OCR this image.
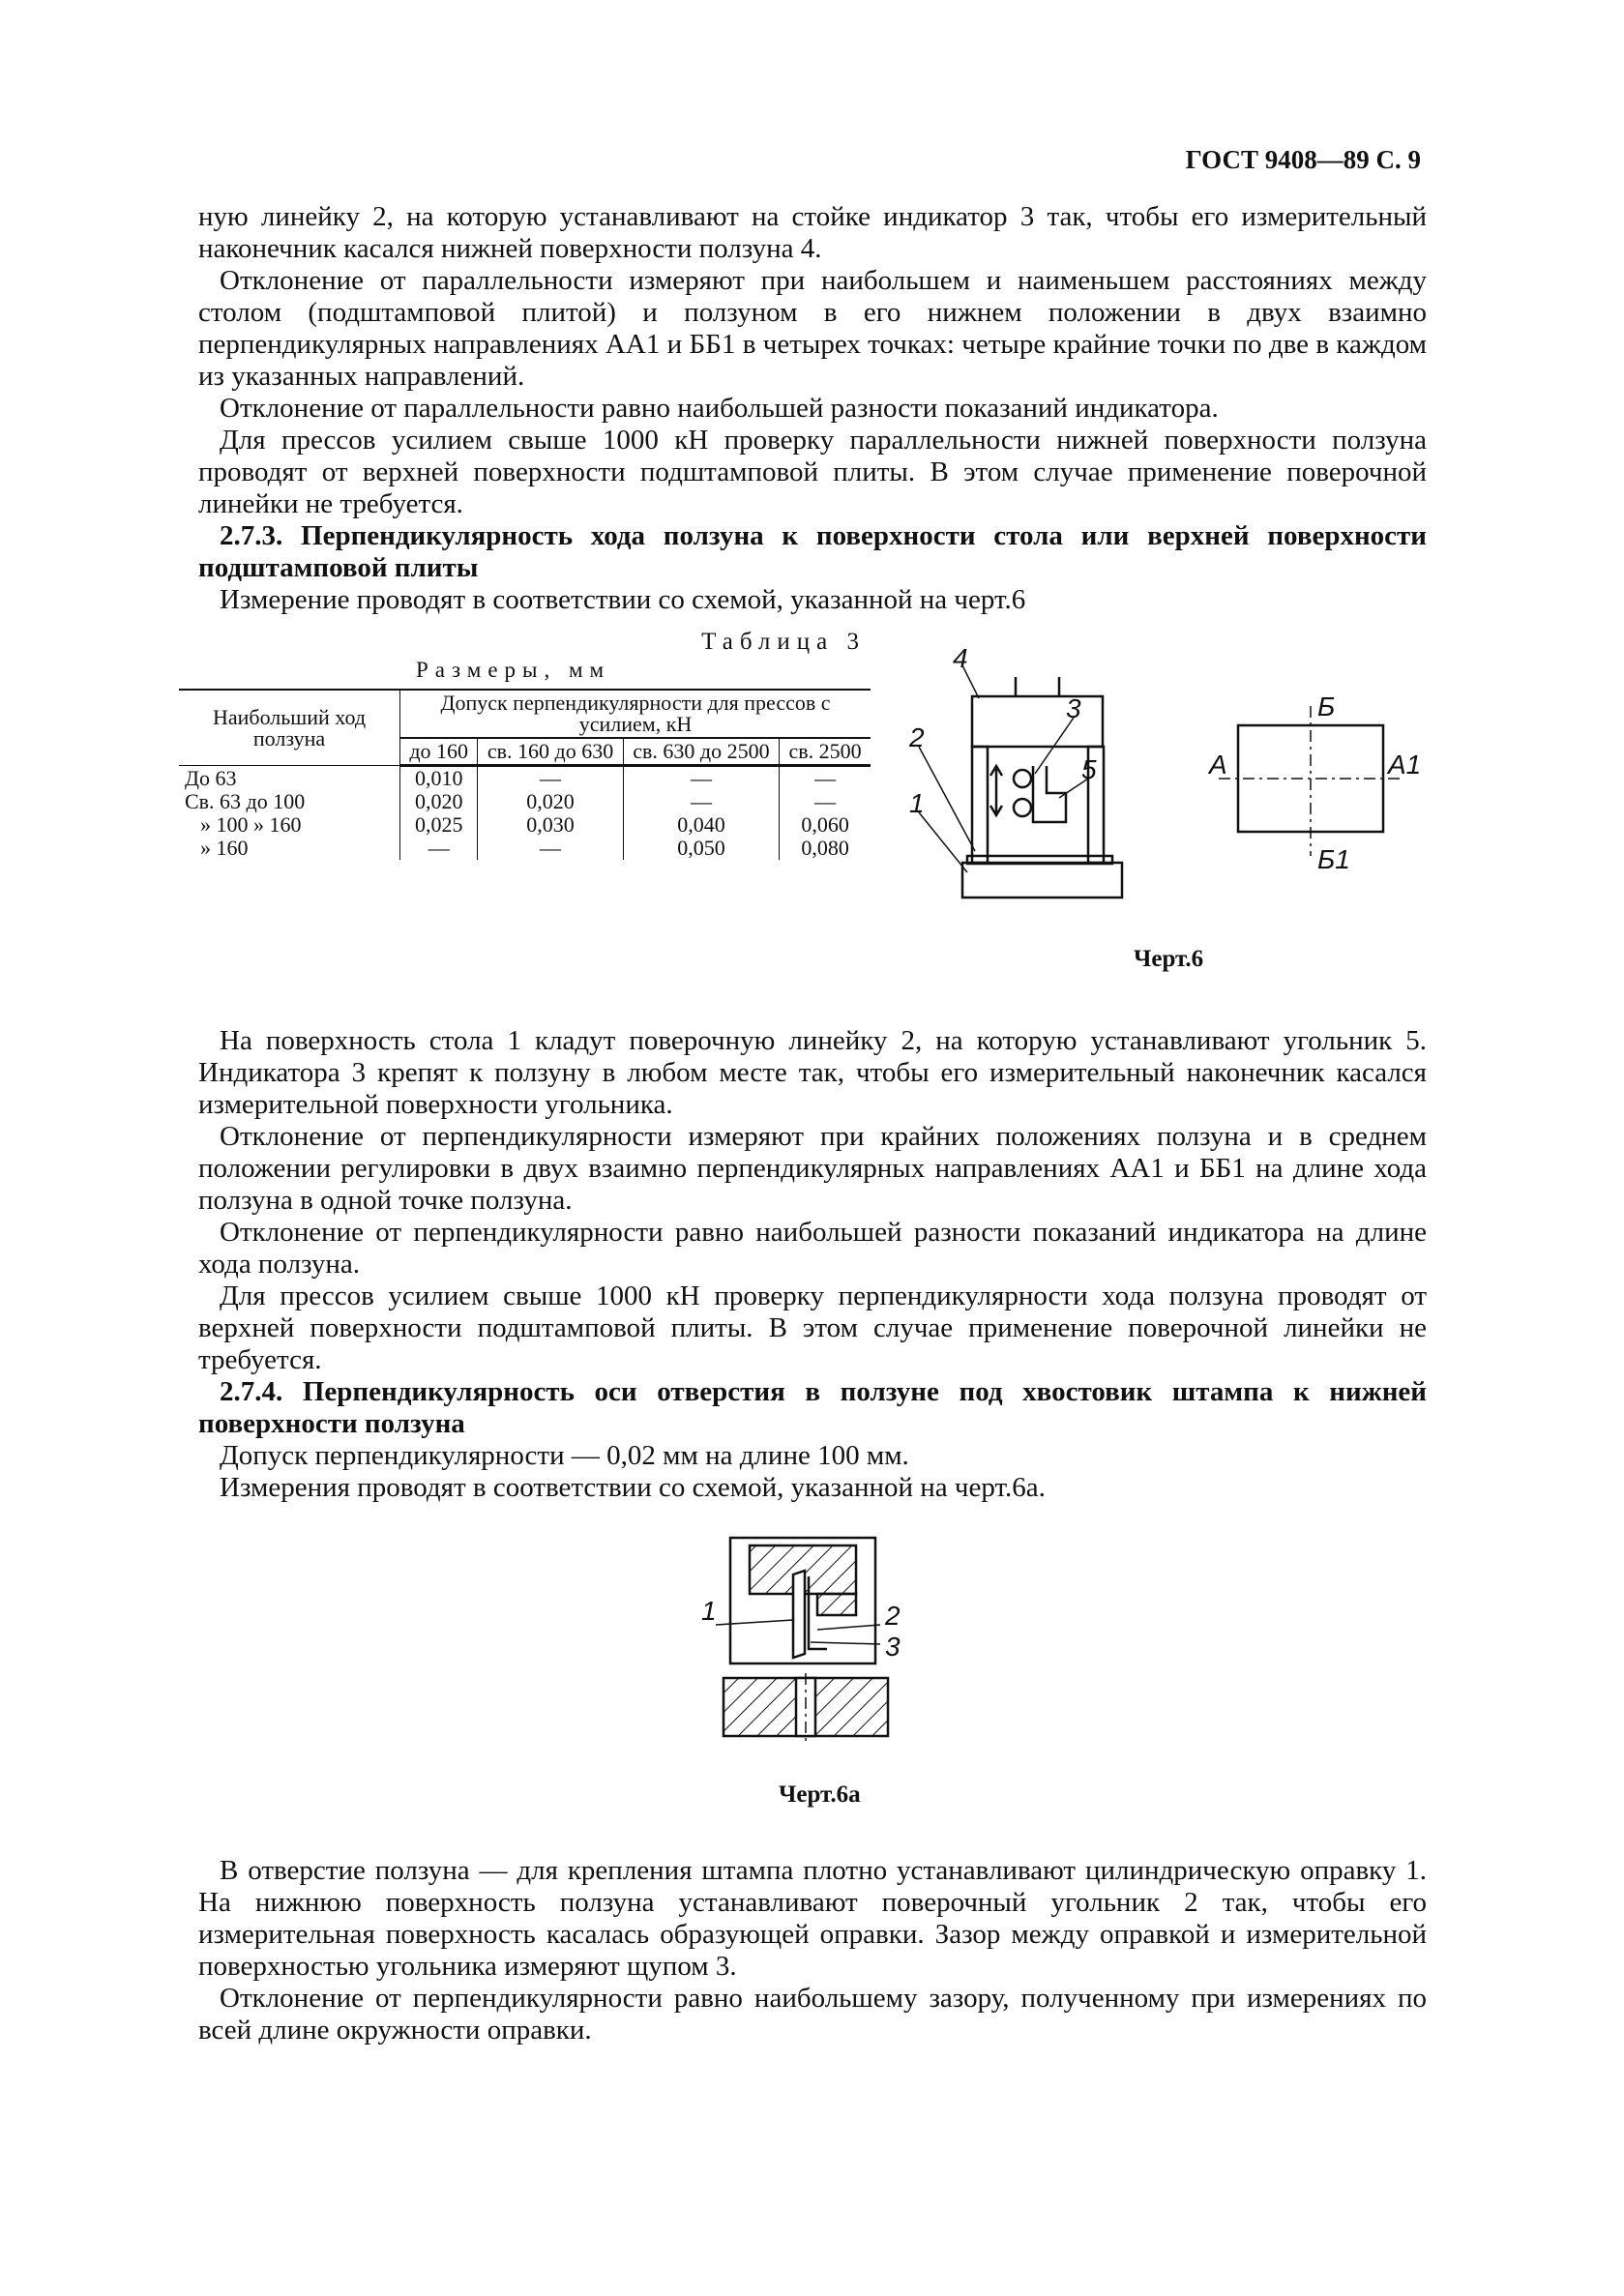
ГОСТ 9408—89 С. 9

ную линейку 2, на которую устанавливают на стойке индикатор 3 так, чтобы его измерительный наконечник касался нижней поверхности ползуна 4.

Отклонение от параллельности измеряют при наибольшем и наименьшем расстояниях между столом (подштамповой плитой) и ползуном в его нижнем положении в двух взаимно перпендикулярных направлениях АА1 и ББ1 в четырех точках: четыре крайние точки по две в каждом из указанных направлений.

Отклонение от параллельности равно наибольшей разности показаний индикатора.

Для прессов усилием свыше 1000 кН проверку параллельности нижней поверхности ползуна проводят от верхней поверхности подштамповой плиты. В этом случае применение поверочной линейки не требуется.

2.7.3. Перпендикулярность хода ползуна к поверхности стола или верхней поверхности подштамповой плиты

Измерение проводят в соответствии со схемой, указанной на черт.6

Таблица 3
Размеры, мм
Наибольший ход ползуна	Допуск перпендикулярности для прессов с усилием, кН			
	до 160	св. 160 до 630	св. 630 до 2500	св. 2500
До 63	0,010	—	—	—
Св. 63 до 100	0,020	0,020	—	—
» 100 » 160	0,025	0,030	0,040	0,060
» 160	—	—	0,050	0,080
4
3
2
5
1
Б
А	А1
Б1
Черт.6

На поверхность стола 1 кладут поверочную линейку 2, на которую устанавливают угольник 5. Индикатора 3 крепят к ползуну в любом месте так, чтобы его измерительный наконечник касался измерительной поверхности угольника.

Отклонение от перпендикулярности измеряют при крайних положениях ползуна и в среднем положении регулировки в двух взаимно перпендикулярных направлениях АА1 и ББ1 на длине хода ползуна в одной точке ползуна.

Отклонение от перпендикулярности равно наибольшей разности показаний индикатора на длине хода ползуна.

Для прессов усилием свыше 1000 кН проверку перпендикулярности хода ползуна проводят от верхней поверхности подштамповой плиты. В этом случае применение поверочной линейки не требуется.

2.7.4. Перпендикулярность оси отверстия в ползуне под хвостовик штампа к нижней поверхности ползуна

Допуск перпендикулярности — 0,02 мм на длине 100 мм.

Измерения проводят в соответствии со схемой, указанной на черт.6а.

1	2
3
Черт.6а

В отверстие ползуна — для крепления штампа плотно устанавливают цилиндрическую оправку 1. На нижнюю поверхность ползуна устанавливают поверочный угольник 2 так, чтобы его измерительная поверхность касалась образующей оправки. Зазор между оправкой и измерительной поверхностью угольника измеряют щупом 3.

Отклонение от перпендикулярности равно наибольшему зазору, полученному при измерениях по всей длине окружности оправки.
